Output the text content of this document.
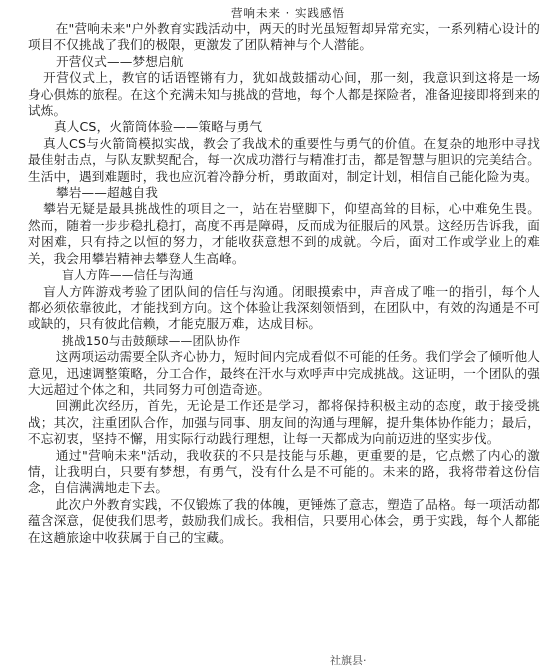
营响未来 · 实践感悟

在"营响未来"户外教育实践活动中，两天的时光虽短暂却异常充实，一系列精心设计的项目不仅挑战了我们的极限，更激发了团队精神与个人潜能。

开营仪式——梦想启航

开营仪式上，教官的话语铿锵有力，犹如战鼓擂动心间，那一刻，我意识到这将是一场身心俱炼的旅程。在这个充满未知与挑战的营地，每个人都是探险者，准备迎接即将到来的试炼。

真人CS，火箭筒体验——策略与勇气

真人CS与火箭筒模拟实战，教会了我战术的重要性与勇气的价值。在复杂的地形中寻找最佳射击点，与队友默契配合，每一次成功潜行与精准打击，都是智慧与胆识的完美结合。生活中，遇到难题时，我也应沉着冷静分析，勇敢面对，制定计划，相信自己能化险为夷。

攀岩——超越自我

攀岩无疑是最具挑战性的项目之一，站在岩壁脚下，仰望高耸的目标，心中难免生畏。然而，随着一步步稳扎稳打，高度不再是障碍，反而成为征服后的风景。这经历告诉我，面对困难，只有持之以恒的努力，才能收获意想不到的成就。今后，面对工作或学业上的难关，我会用攀岩精神去攀登人生高峰。

盲人方阵——信任与沟通

盲人方阵游戏考验了团队间的信任与沟通。闭眼摸索中，声音成了唯一的指引，每个人都必须依靠彼此，才能找到方向。这个体验让我深刻领悟到，在团队中，有效的沟通是不可或缺的，只有彼此信赖，才能克服万难，达成目标。

挑战150与击鼓颠球——团队协作

这两项运动需要全队齐心协力，短时间内完成看似不可能的任务。我们学会了倾听他人意见，迅速调整策略，分工合作，最终在汗水与欢呼声中完成挑战。这证明，一个团队的强大远超过个体之和，共同努力可创造奇迹。

回溯此次经历，首先，无论是工作还是学习，都将保持积极主动的态度，敢于接受挑战；其次，注重团队合作，加强与同事、朋友间的沟通与理解，提升集体协作能力；最后，不忘初衷，坚持不懈，用实际行动践行理想，让每一天都成为向前迈进的坚实步伐。

通过"营响未来"活动，我收获的不只是技能与乐趣，更重要的是，它点燃了内心的激情，让我明白，只要有梦想，有勇气，没有什么是不可能的。未来的路，我将带着这份信念，自信满满地走下去。

此次户外教育实践，不仅锻炼了我的体魄，更锤炼了意志，塑造了品格。每一项活动都蕴含深意，促使我们思考，鼓励我们成长。我相信，只要用心体会，勇于实践，每个人都能在这趟旅途中收获属于自己的宝藏。

社旗县·
